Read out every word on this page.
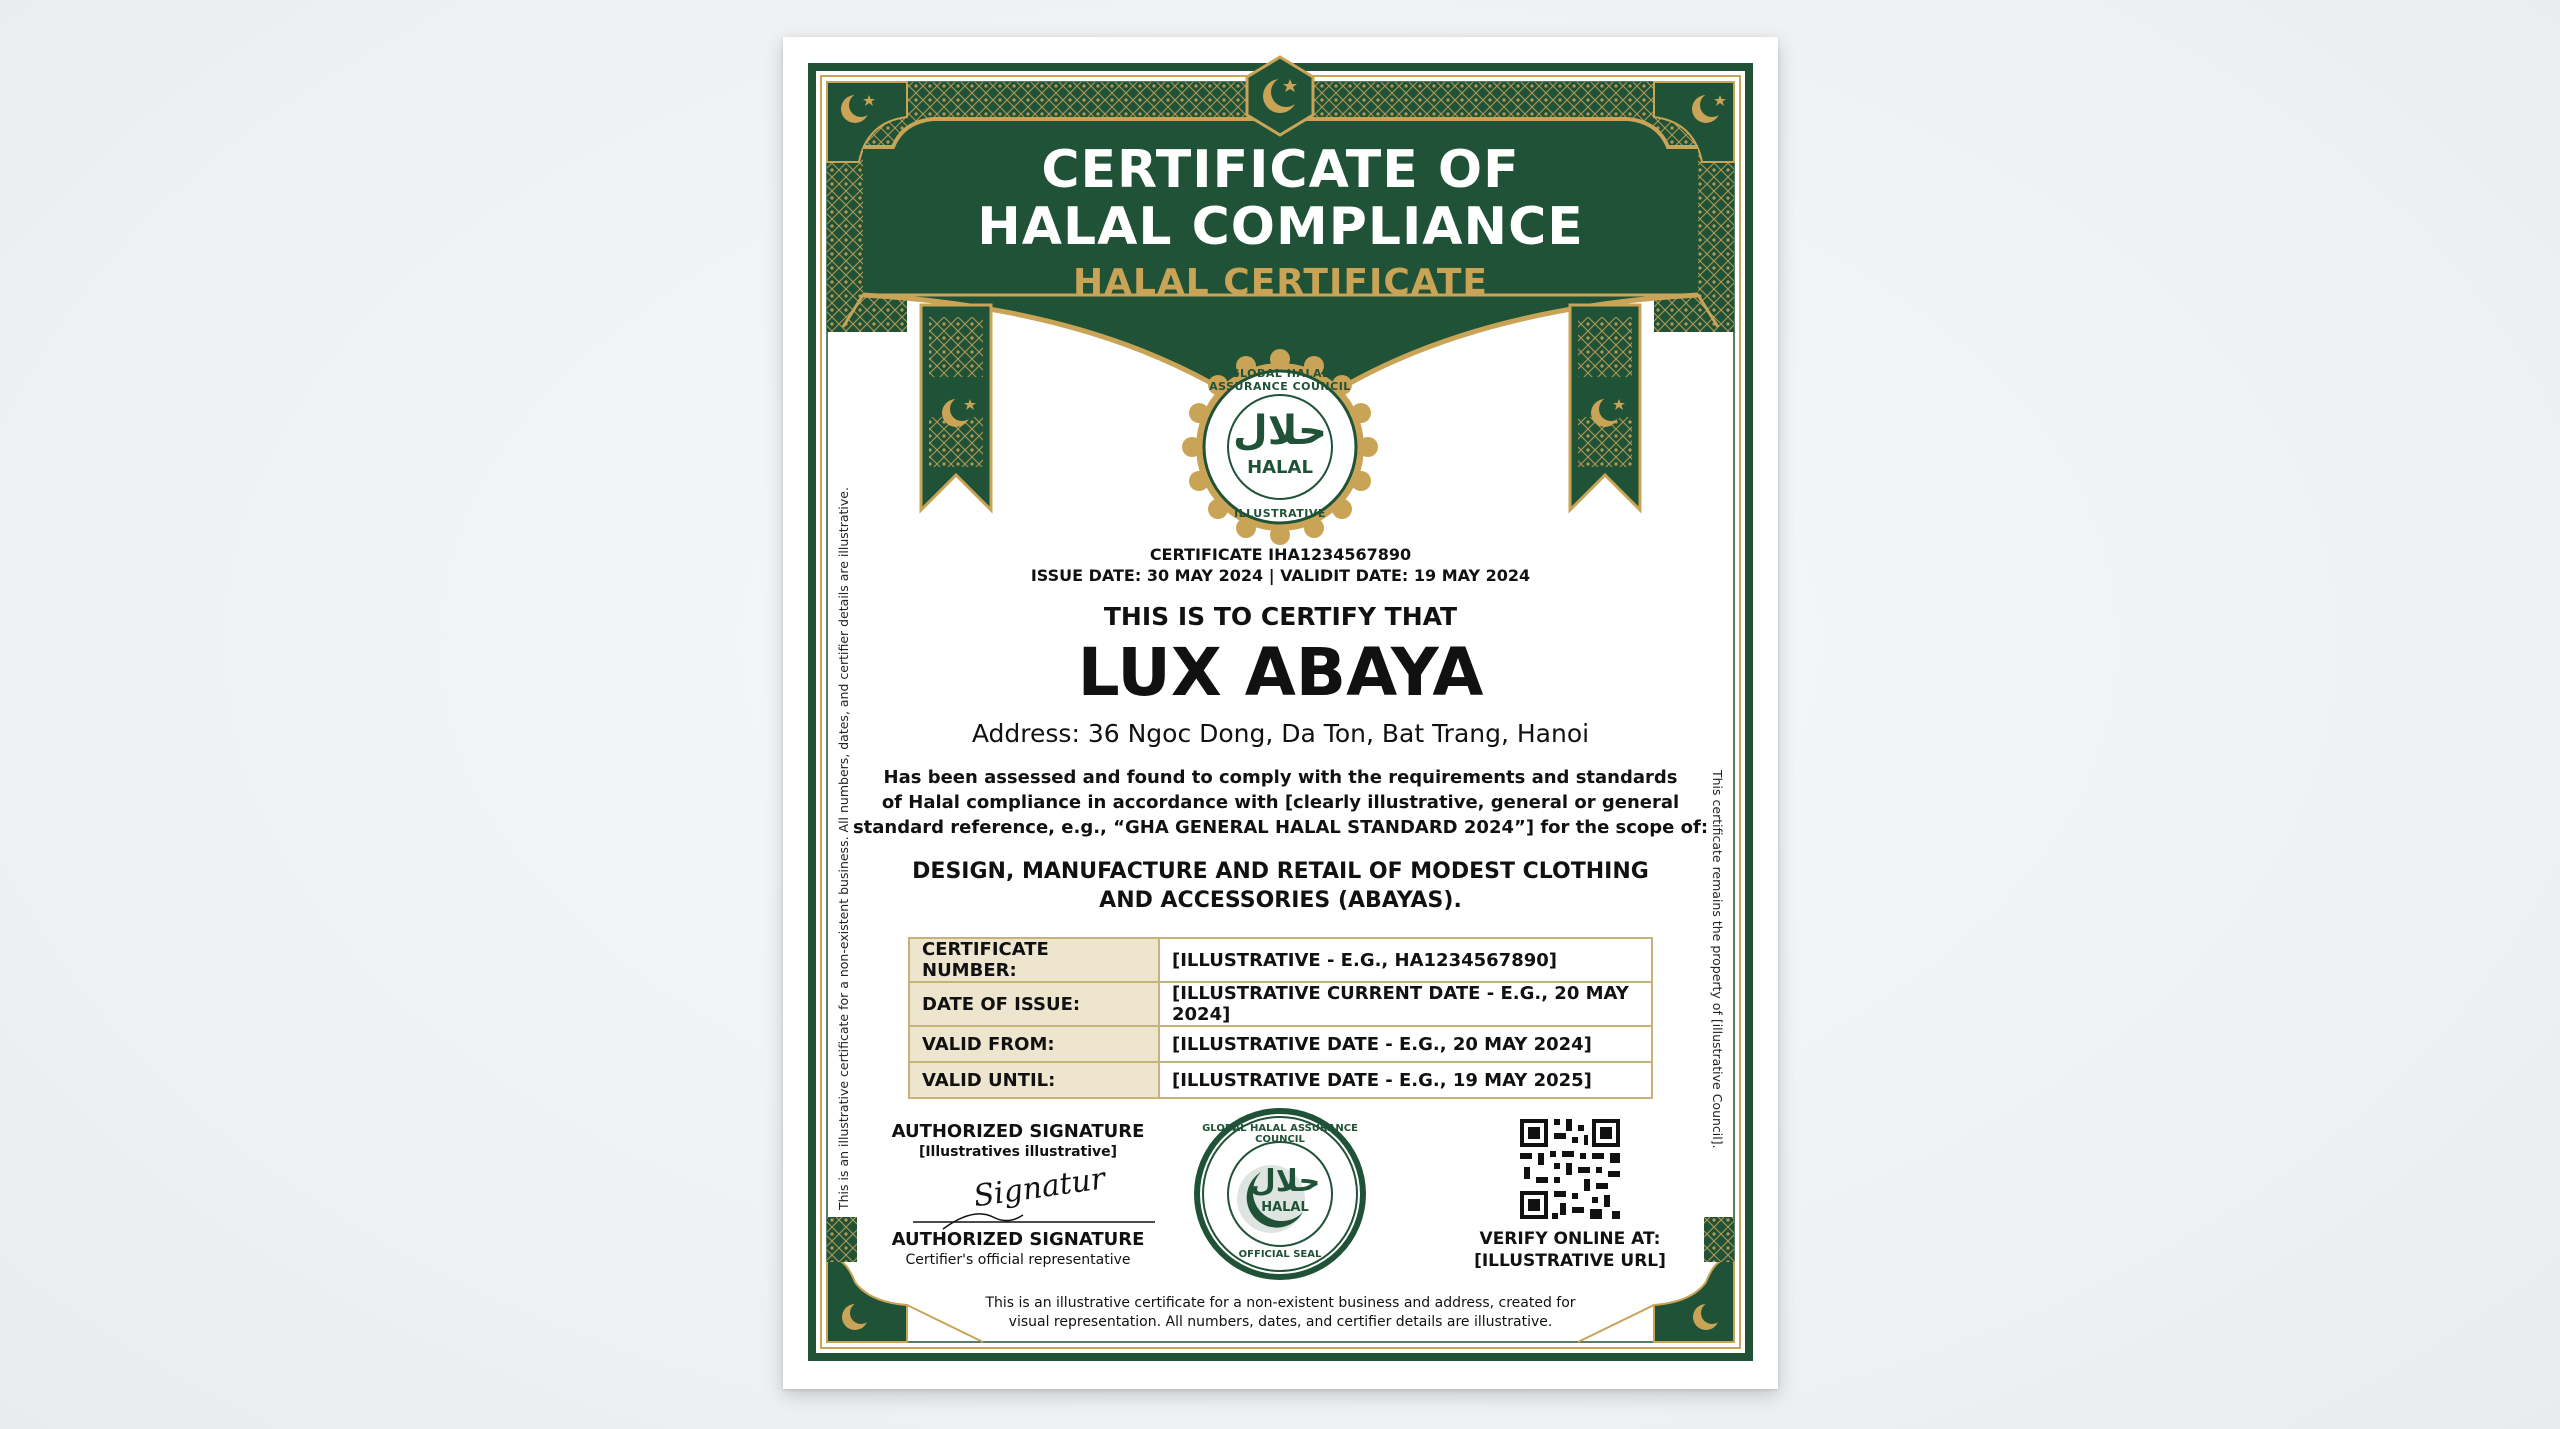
CERTIFICATE OF
HALAL COMPLIANCE
HALAL CERTIFICATE
GLOBAL HALAL ASSURANCE COUNCIL
حلال
HALAL
ILLUSTRATIVE
CERTIFICATE IHA1234567890
ISSUE DATE: 30 MAY 2024 | VALIDIT DATE: 19 MAY 2024
THIS IS TO CERTIFY THAT
LUX ABAYA
Address: 36 Ngoc Dong, Da Ton, Bat Trang, Hanoi
Has been assessed and found to comply with the requirements and standards
of Halal compliance in accordance with [clearly illustrative, general or general
standard reference, e.g., “GHA GENERAL HALAL STANDARD 2024”] for the scope of:
DESIGN, MANUFACTURE AND RETAIL OF MODEST CLOTHING
AND ACCESSORIES (ABAYAS).
CERTIFICATE NUMBER:	[ILLUSTRATIVE - E.G., HA1234567890]
DATE OF ISSUE:	[ILLUSTRATIVE CURRENT DATE - E.G., 20 MAY 2024]
VALID FROM:	[ILLUSTRATIVE DATE - E.G., 20 MAY 2024]
VALID UNTIL:	[ILLUSTRATIVE DATE - E.G., 19 MAY 2025]
AUTHORIZED SIGNATURE
[Illustratives illustrative]
Signatur
AUTHORIZED SIGNATURE
Certifier's official representative
GLOBAL HALAL ASSURANCE COUNCIL
حلال
HALAL
OFFICIAL SEAL
VERIFY ONLINE AT:
[ILLUSTRATIVE URL]
This is an illustrative certificate for a non-existent business and address, created for
visual representation. All numbers, dates, and certifier details are illustrative.
This is an illustrative certificate for a non-existent business. All numbers, dates, and certifier details are illustrative.	This certificate remains the property of [illustrative Council].
